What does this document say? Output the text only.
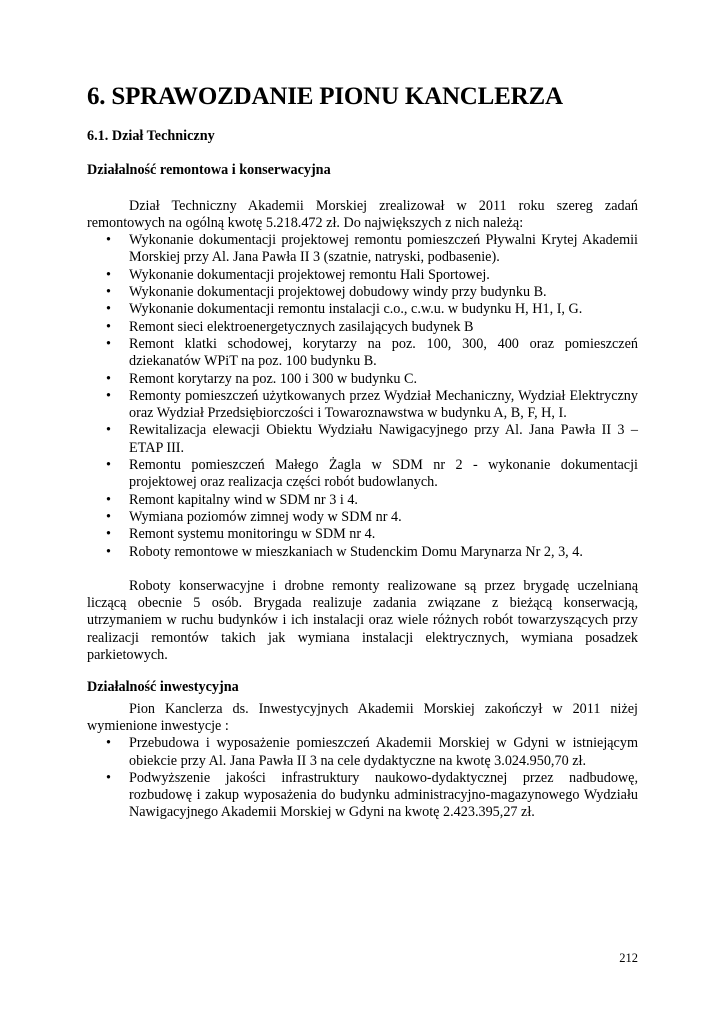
6. SPRAWOZDANIE PIONU KANCLERZA
6.1. Dział Techniczny
Działalność remontowa i konserwacyjna

Dział Techniczny Akademii Morskiej zrealizował w 2011 roku szereg zadań remontowych na ogólną kwotę 5.218.472 zł. Do największych z nich należą:

• Wykonanie dokumentacji projektowej remontu pomieszczeń Pływalni Krytej Akademii Morskiej przy Al. Jana Pawła II 3 (szatnie, natryski, podbasenie).
• Wykonanie dokumentacji projektowej remontu Hali Sportowej.
• Wykonanie dokumentacji projektowej dobudowy windy przy budynku B.
• Wykonanie dokumentacji remontu instalacji c.o., c.w.u. w budynku H, H1, I, G.
• Remont sieci elektroenergetycznych zasilających budynek B
• Remont klatki schodowej, korytarzy na poz. 100, 300, 400 oraz pomieszczeń dziekanatów WPiT na poz. 100 budynku B.
• Remont korytarzy na poz. 100 i 300 w budynku C.
• Remonty pomieszczeń użytkowanych przez Wydział Mechaniczny, Wydział Elektryczny oraz Wydział Przedsiębiorczości i Towaroznawstwa w budynku A, B, F, H, I.
• Rewitalizacja elewacji Obiektu Wydziału Nawigacyjnego przy Al. Jana Pawła II 3 – ETAP III.
• Remontu pomieszczeń Małego Żagla w SDM nr 2 - wykonanie dokumentacji projektowej oraz realizacja części robót budowlanych.
• Remont kapitalny wind w SDM nr 3 i 4.
• Wymiana poziomów zimnej wody w SDM nr 4.
• Remont systemu monitoringu w SDM nr 4.
• Roboty remontowe w mieszkaniach w Studenckim Domu Marynarza Nr 2, 3, 4.

Roboty konserwacyjne i drobne remonty realizowane są przez brygadę uczelnianą liczącą obecnie 5 osób. Brygada realizuje zadania związane z bieżącą konserwacją, utrzymaniem w ruchu budynków i ich instalacji oraz wiele różnych robót towarzyszących przy realizacji remontów takich jak wymiana instalacji elektrycznych, wymiana posadzek parkietowych.

Działalność inwestycyjna

Pion Kanclerza ds. Inwestycyjnych Akademii Morskiej zakończył w 2011 niżej wymienione inwestycje :

• Przebudowa i wyposażenie pomieszczeń Akademii Morskiej w Gdyni w istniejącym obiekcie przy Al. Jana Pawła II 3 na cele dydaktyczne na kwotę 3.024.950,70 zł.
• Podwyższenie jakości infrastruktury naukowo-dydaktycznej przez nadbudowę, rozbudowę i zakup wyposażenia do budynku administracyjno-magazynowego Wydziału Nawigacyjnego Akademii Morskiej w Gdyni na kwotę 2.423.395,27 zł.
212
